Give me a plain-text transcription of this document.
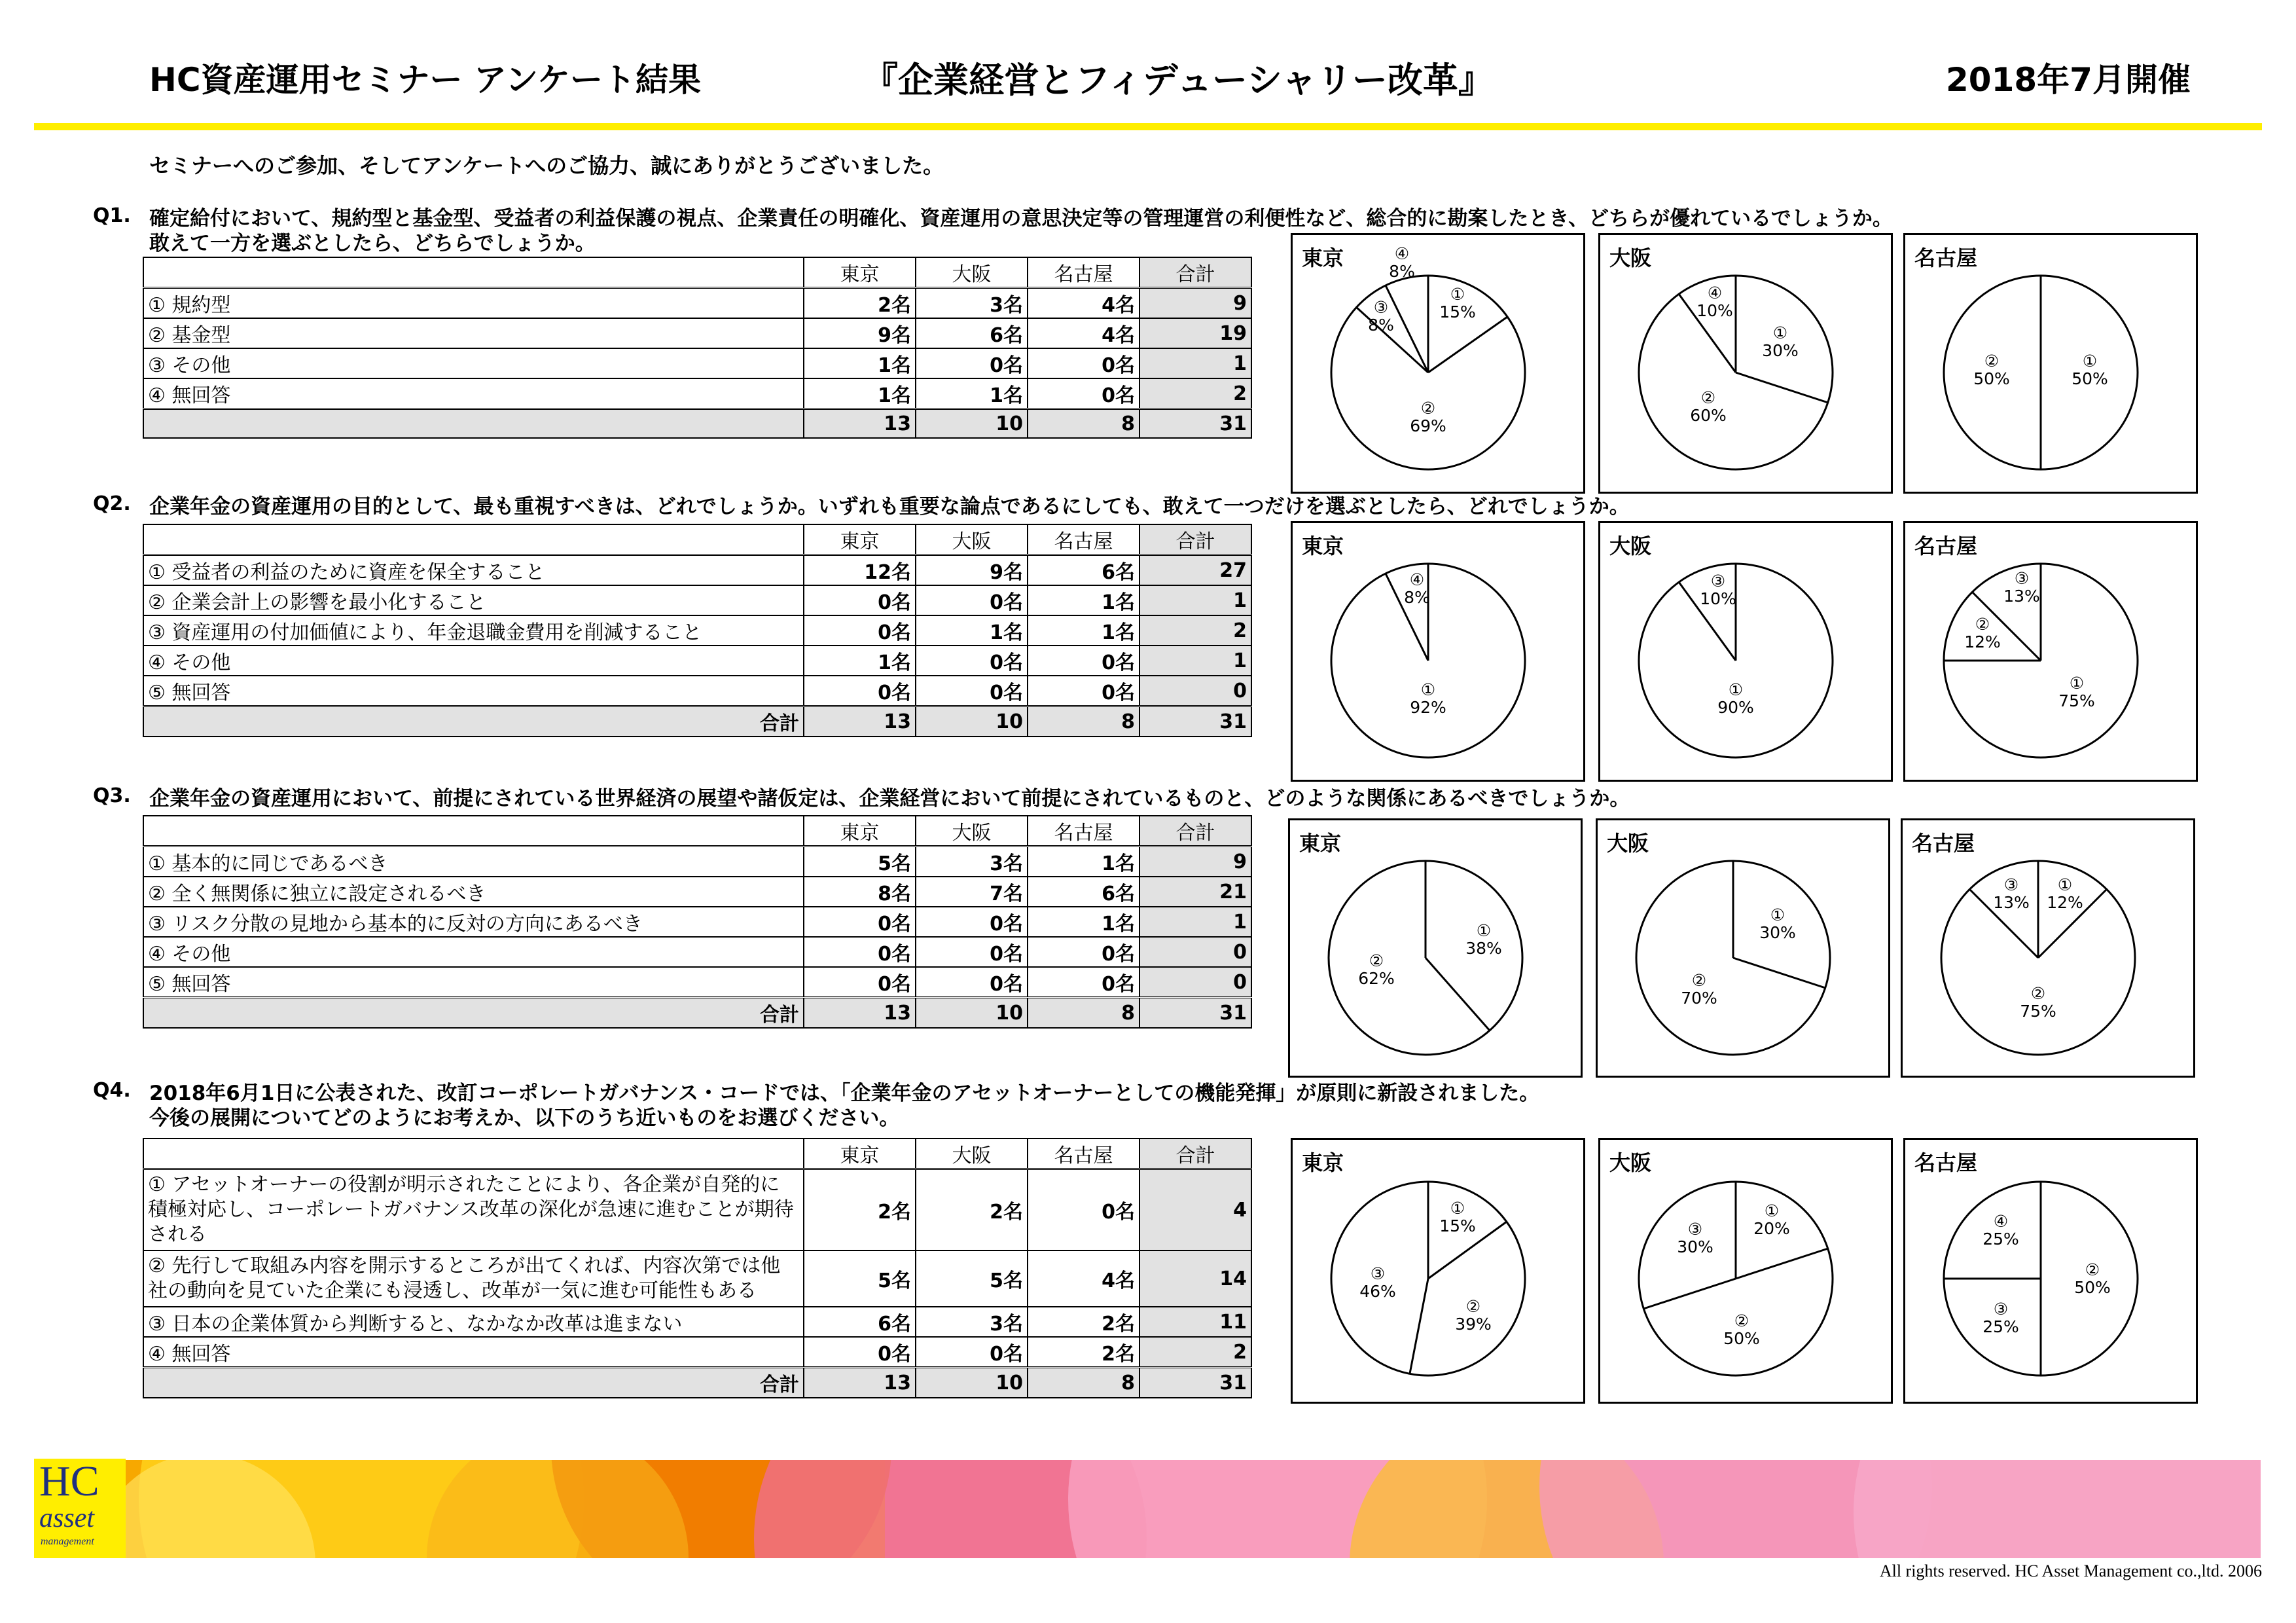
HC資産運用セミナー アンケート結果	『企業経営とフィデューシャリー改革』	2018年7月開催
セミナーへのご参加、そしてアンケートへのご協力、誠にありがとうございました。
Q1. 確定給付において、規約型と基金型、受益者の利益保護の視点、企業責任の明確化、資産運用の意思決定等の管理運営の利便性など、総合的に勘案したとき、どちらが優れているでしょうか。
敢えて一方を選ぶとしたら、どちらでしょうか。
	東京	大阪	名古屋	合計
① 規約型	2名	3名	4名	9
② 基金型	9名	6名	4名	19
③ その他	1名	0名	0名	1
④ 無回答	1名	1名	0名	2
	13	10	8	31
東京
①
15%
②
69%
③
8%
④
8%
大阪
①
30%
②
60%
④
10%
名古屋
①
50%
②
50%
Q2. 企業年金の資産運用の目的として、最も重視すべきは、どれでしょうか。いずれも重要な論点であるにしても、敢えて一つだけを選ぶとしたら、どれでしょうか。
	東京	大阪	名古屋	合計
① 受益者の利益のために資産を保全すること	12名	9名	6名	27
② 企業会計上の影響を最小化すること	0名	0名	1名	1
③ 資産運用の付加価値により、年金退職金費用を削減すること	0名	1名	1名	2
④ その他	1名	0名	0名	1
⑤ 無回答	0名	0名	0名	0
合計	13	10	8	31
東京
①
92%
④
8%
大阪
①
90%
③
10%
名古屋
①
75%
②
12%
③
13%
Q3. 企業年金の資産運用において、前提にされている世界経済の展望や諸仮定は、企業経営において前提にされているものと、どのような関係にあるべきでしょうか。
	東京	大阪	名古屋	合計
① 基本的に同じであるべき	5名	3名	1名	9
② 全く無関係に独立に設定されるべき	8名	7名	6名	21
③ リスク分散の見地から基本的に反対の方向にあるべき	0名	0名	1名	1
④ その他	0名	0名	0名	0
⑤ 無回答	0名	0名	0名	0
合計	13	10	8	31
東京
①
38%
②
62%
大阪
①
30%
②
70%
名古屋
①
12%
②
75%
③
13%
Q4. 2018年6月1日に公表された、改訂コーポレートガバナンス・コードでは、「企業年金のアセットオーナーとしての機能発揮」が原則に新設されました。
今後の展開についてどのようにお考えか、以下のうち近いものをお選びください。
	東京	大阪	名古屋	合計
① アセットオーナーの役割が明示されたことにより、各企業が自発的に積極対応し、コーポレートガバナンス改革の深化が急速に進むことが期待される	2名	2名	0名	4
② 先行して取組み内容を開示するところが出てくれば、内容次第では他社の動向を見ていた企業にも浸透し、改革が一気に進む可能性もある	5名	5名	4名	14
③ 日本の企業体質から判断すると、なかなか改革は進まない	6名	3名	2名	11
④ 無回答	0名	0名	2名	2
合計	13	10	8	31
東京
①
15%
②
39%
③
46%
大阪
①
20%
②
50%
③
30%
名古屋
②
50%
③
25%
④
25%
HC
asset
management
All rights reserved. HC Asset Management co.,ltd. 2006
